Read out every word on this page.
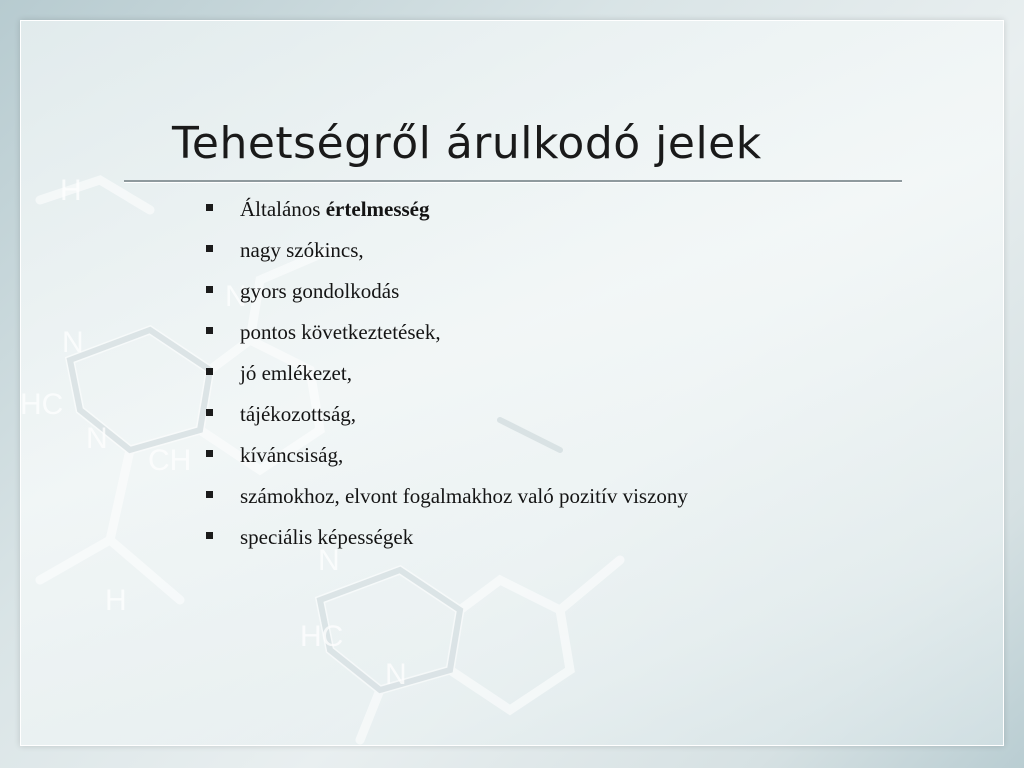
N
N
HC
N
N
HC
N
CH
H
H
Tehetségről árulkodó jelek
Általános értelmesség
nagy szókincs,
gyors gondolkodás
pontos következtetések,
jó emlékezet,
tájékozottság,
kíváncsiság,
számokhoz, elvont fogalmakhoz való pozitív viszony
speciális képességek
